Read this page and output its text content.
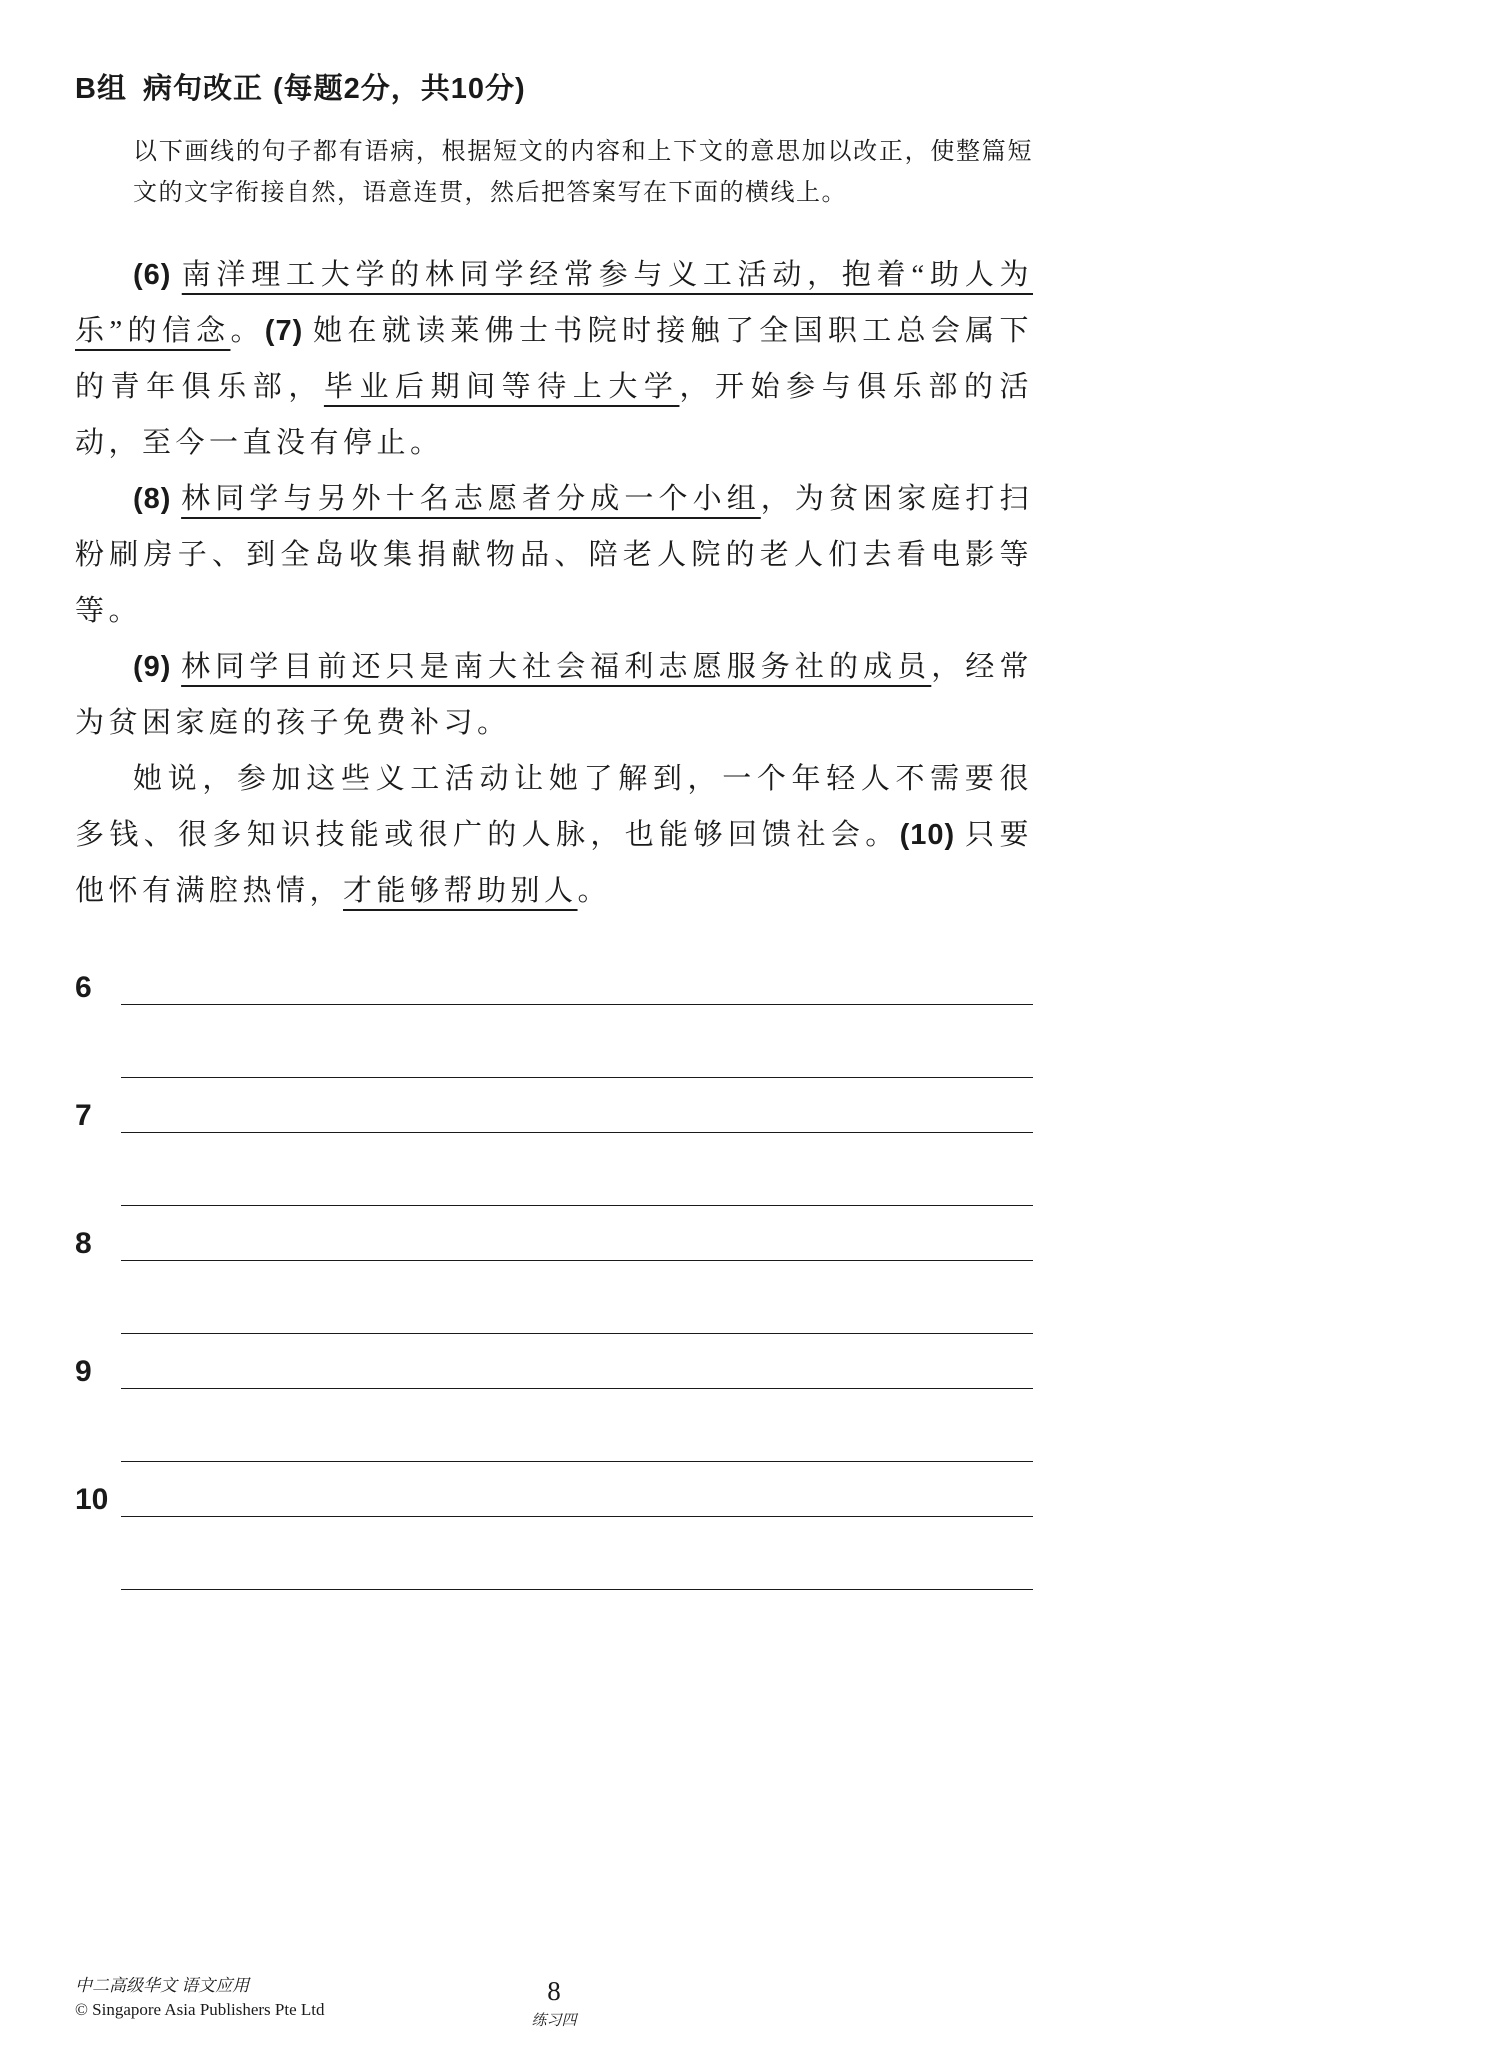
B组 病句改正 (每题2分，共10分)
以下画线的句子都有语病，根据短文的内容和上下文的意思加以改正，使整篇短文的文字衔接自然，语意连贯，然后把答案写在下面的横线上。

(6) 南洋理工大学的林同学经常参与义工活动，抱着“助人为乐”的信念。(7) 她在就读莱佛士书院时接触了全国职工总会属下的青年俱乐部，毕业后期间等待上大学，开始参与俱乐部的活动，至今一直没有停止。

(8) 林同学与另外十名志愿者分成一个小组，为贫困家庭打扫粉刷房子、到全岛收集捐献物品、陪老人院的老人们去看电影等等。

(9) 林同学目前还只是南大社会福利志愿服务社的成员，经常为贫困家庭的孩子免费补习。

她说，参加这些义工活动让她了解到，一个年轻人不需要很多钱、很多知识技能或很广的人脉，也能够回馈社会。(10) 只要他怀有满腔热情，才能够帮助别人。

6
7
8
9
10
中二高级华文 语文应用
© Singapore Asia Publishers Pte Ltd
8
练习四
